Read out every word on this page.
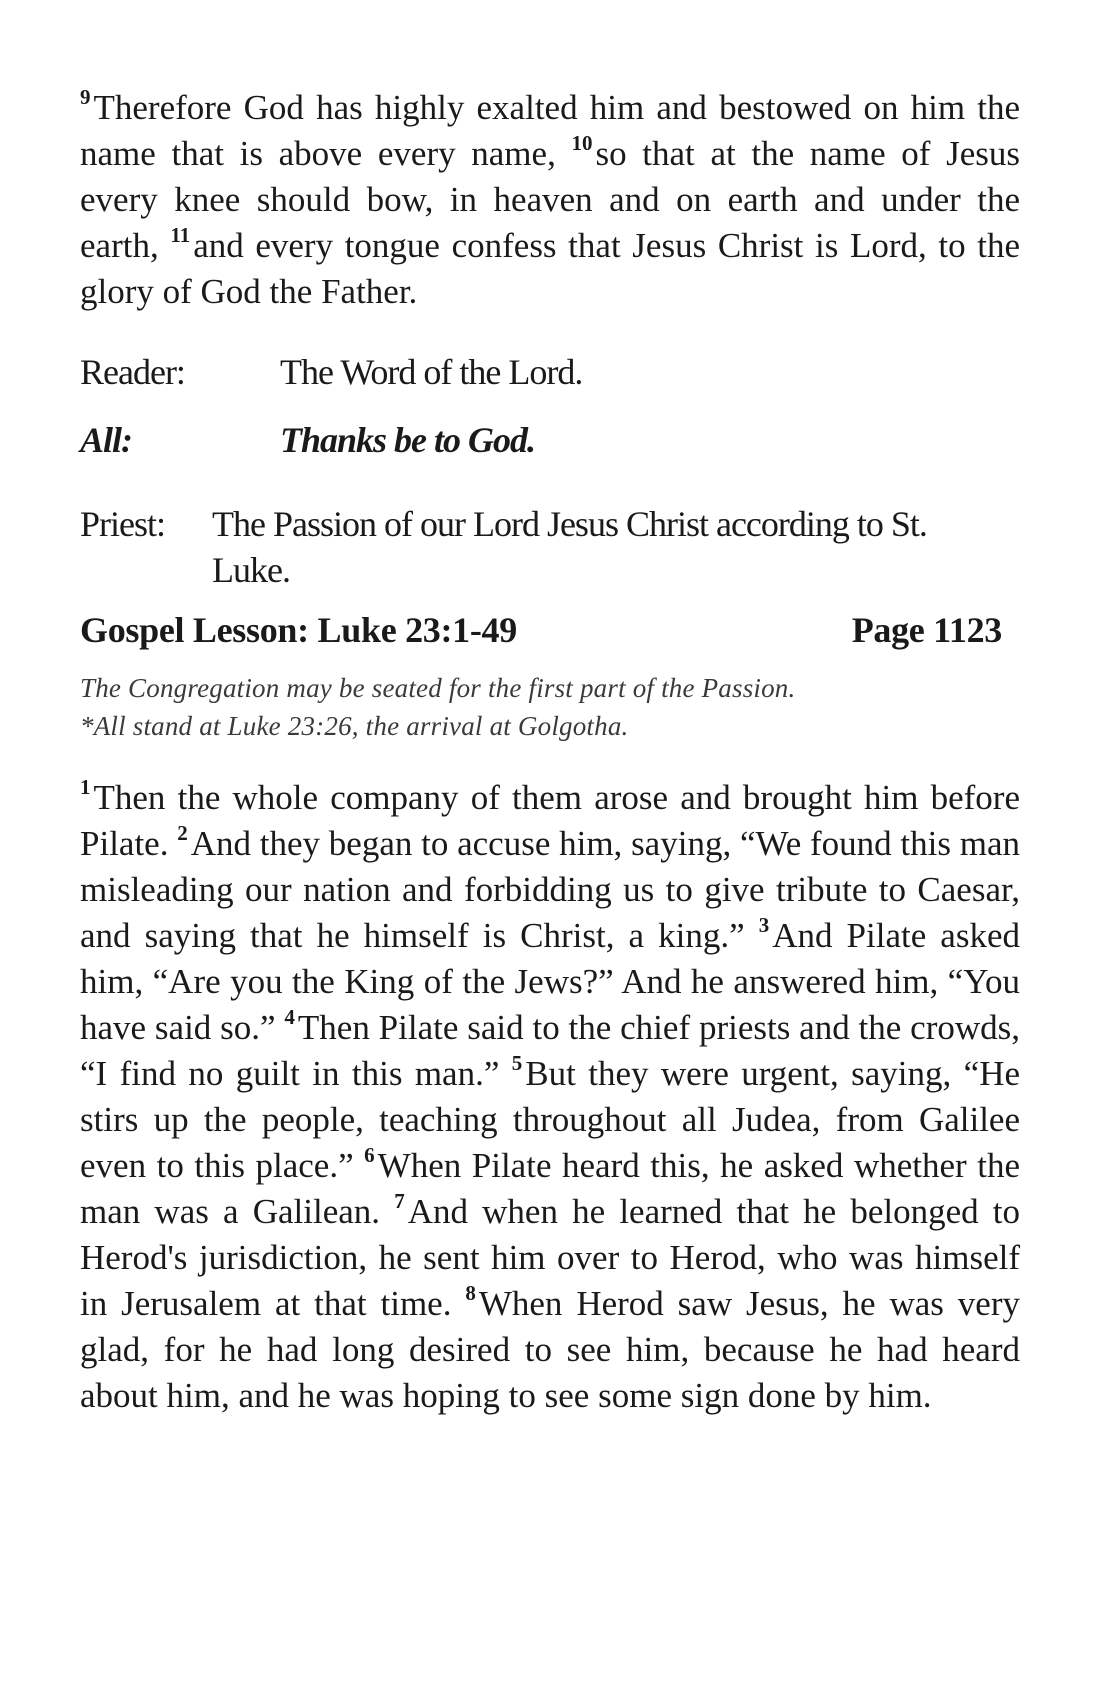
$^9$Therefore God has highly exalted him and bestowed on him the name that is above every name, $^{10}$so that at the name of Jesus every knee should bow, in heaven and on earth and under the earth, $^{11}$and every tongue confess that Jesus Christ is Lord, to the glory of God the Father.

Reader:	The Word of the Lord.
All:	Thanks be to God.
Priest:	The Passion of our Lord Jesus Christ according to St. Luke.
Gospel Lesson: Luke 23:1-49	Page 1123
The Congregation may be seated for the first part of the Passion.
*All stand at Luke 23:26, the arrival at Golgotha.

$^1$Then the whole company of them arose and brought him before Pilate. $^2$And they began to accuse him, saying, “We found this man misleading our nation and forbidding us to give tribute to Caesar, and saying that he himself is Christ, a king.” $^3$And Pilate asked him, “Are you the King of the Jews?” And he answered him, “You have said so.” $^4$Then Pilate said to the chief priests and the crowds, “I find no guilt in this man.” $^5$But they were urgent, saying, “He stirs up the people, teaching throughout all Judea, from Galilee even to this place.” $^6$When Pilate heard this, he asked whether the man was a Galilean. $^7$And when he learned that he belonged to Herod's jurisdiction, he sent him over to Herod, who was himself in Jerusalem at that time. $^8$When Herod saw Jesus, he was very glad, for he had long desired to see him, because he had heard about him, and he was hoping to see some sign done by him.
